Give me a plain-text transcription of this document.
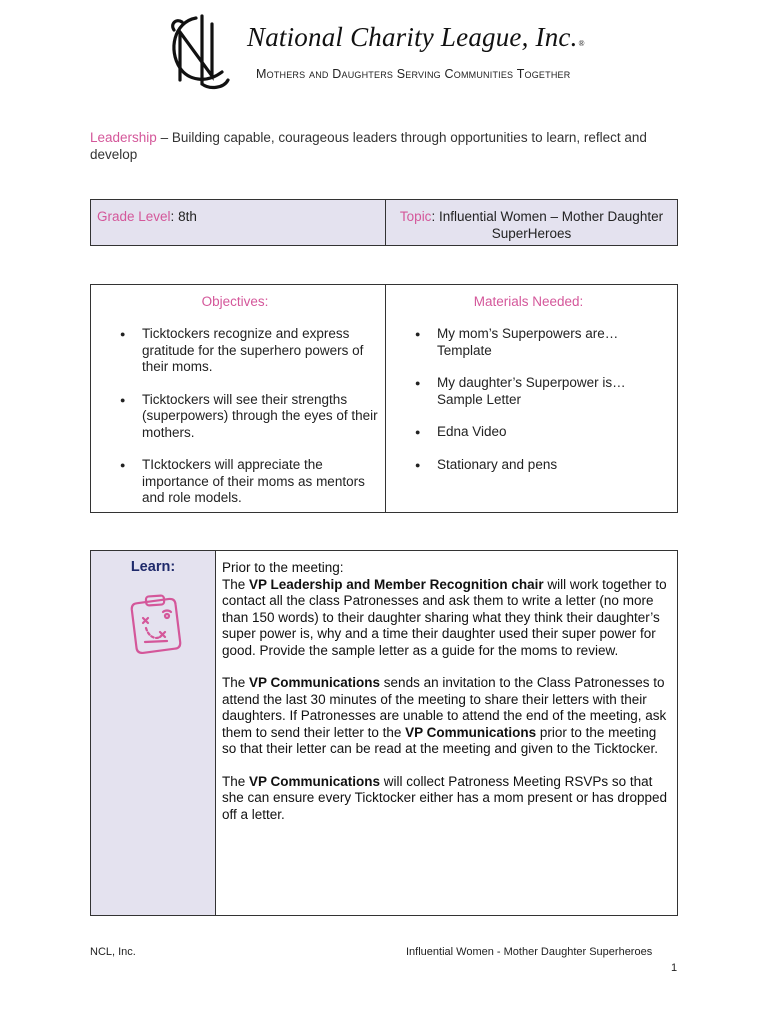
National Charity League, Inc.®
Mothers and Daughters Serving Communities Together
Leadership – Building capable, courageous leaders through opportunities to learn, reflect and develop
Grade Level: 8th	Topic: Influential Women – Mother Daughter SuperHeroes
Objectives:
● Ticktockers recognize and express gratitude for the superhero powers of their moms.
● Ticktockers will see their strengths (superpowers) through the eyes of their mothers.
● TIcktockers will appreciate the importance of their moms as mentors and role models.
Materials Needed:
● My mom’s Superpowers are… Template
● My daughter’s Superpower is… Sample Letter
● Edna Video
● Stationary and pens
Learn:	Prior to the meeting:
The VP Leadership and Member Recognition chair will work together to contact all the class Patronesses and ask them to write a letter (no more than 150 words) to their daughter sharing what they think their daughter’s super power is, why and a time their daughter used their super power for good. Provide the sample letter as a guide for the moms to review.

The VP Communications sends an invitation to the Class Patronesses to attend the last 30 minutes of the meeting to share their letters with their daughters. If Patronesses are unable to attend the end of the meeting, ask them to send their letter to the VP Communications prior to the meeting so that their letter can be read at the meeting and given to the Ticktocker.

The VP Communications will collect Patroness Meeting RSVPs so that she can ensure every Ticktocker either has a mom present or has dropped off a letter.

NCL, Inc.	Influential Women - Mother Daughter Superheroes
1
